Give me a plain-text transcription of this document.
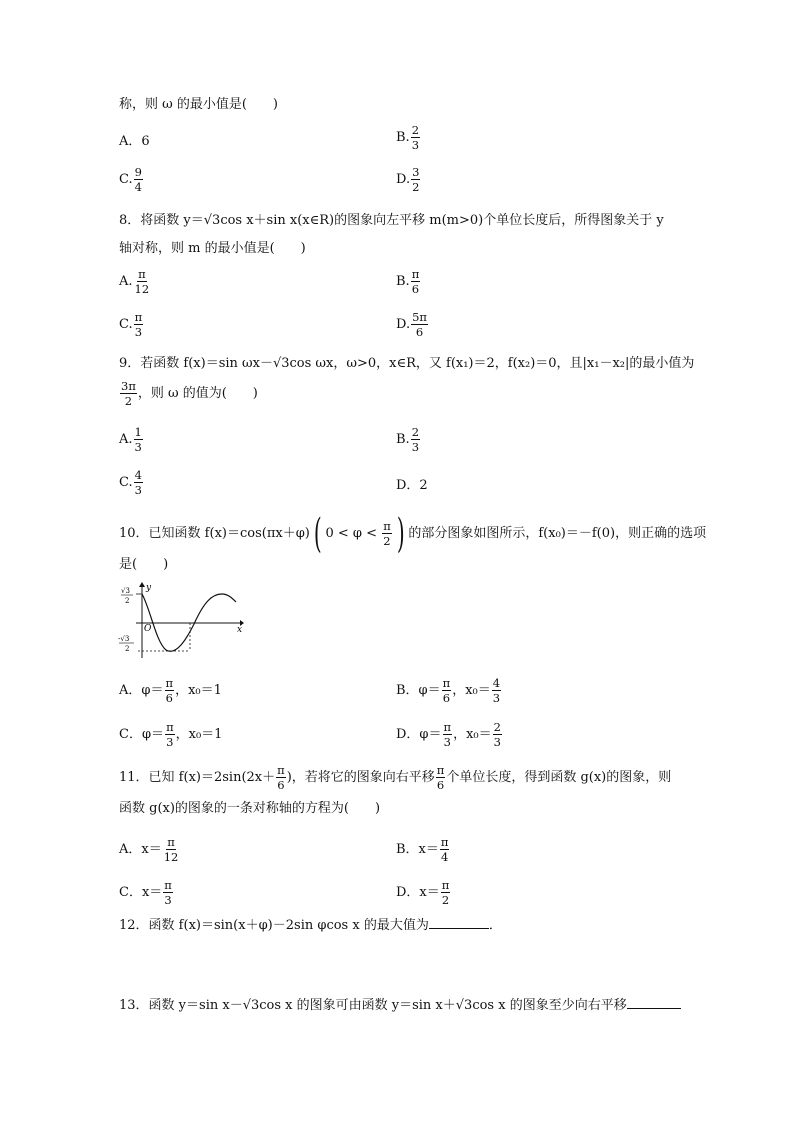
称，则 ω 的最小值是(　　)
A．6	B. $\frac{2}{3}$
C. $\frac{9}{4}$	D. $\frac{3}{2}$
8．将函数 y＝√3cos x＋sin x(x∈R)的图象向左平移 m(m>0)个单位长度后，所得图象关于 y
轴对称，则 m 的最小值是(　　)
A. $\frac{\pi}{12}$	B. $\frac{\pi}{6}$
C. $\frac{\pi}{3}$	D. $\frac{5\pi}{6}$
9．若函数 f(x)＝sin ωx－√3cos ωx，ω>0，x∈R，又 f(x₁)＝2，f(x₂)＝0，且|x₁－x₂|的最小值为
$\frac{3\pi}{2}$ ，则 ω 的值为(　　)
A. $\frac{1}{3}$	B. $\frac{2}{3}$
C. $\frac{4}{3}$	D．2
10．已知函数 f(x)＝cos(πx＋φ)( $0 < \varphi < \frac{\pi}{2}$ ) 的部分图象如图所示，f(x₀)＝－f(0)，则正确的选项
是(　　)
y
x
O
√3
2
-√3
2
A．$\varphi= \frac{\pi}{6}$ ，x₀＝1	B．$\varphi= \frac{\pi}{6}$ ，$x_0= \frac{4}{3}$
C．$\varphi= \frac{\pi}{3}$ ，x₀＝1	D．$\varphi= \frac{\pi}{3}$ ，$x_0= \frac{2}{3}$
11．已知 $f(x)=2\sin(2x+ \frac{\pi}{6}$ )，若将它的图象向右平移 $\frac{\pi}{6}$ 个单位长度，得到函数 g(x)的图象，则
函数 g(x)的图象的一条对称轴的方程为(　　)
A．$x= \frac{\pi}{12}$	B．$x= \frac{\pi}{4}$
C．$x= \frac{\pi}{3}$	D．$x= \frac{\pi}{2}$
12．函数 f(x)＝sin(x＋φ)－2sin φcos x 的最大值为	．
13．函数 y＝sin x－√3cos x 的图象可由函数 y＝sin x＋√3cos x 的图象至少向右平移
